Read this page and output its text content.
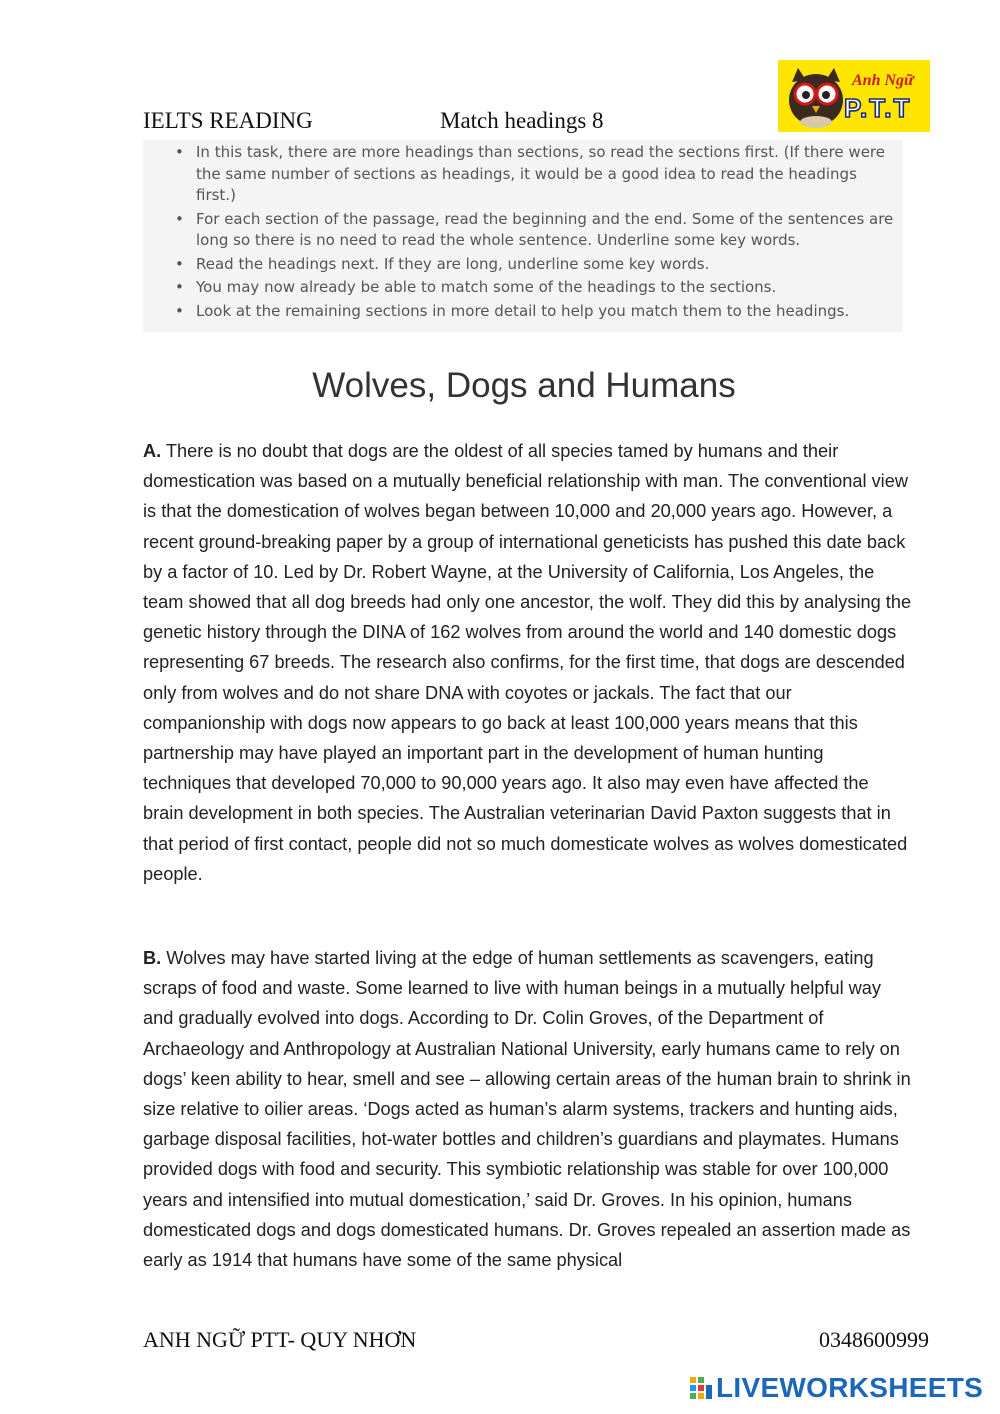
IELTS READING	Match headings 8
Anh Ngữ
P.T.T
• In this task, there are more headings than sections, so read the sections first. (If there were the same number of sections as headings, it would be a good idea to read the headings first.)
• For each section of the passage, read the beginning and the end. Some of the sentences are long so there is no need to read the whole sentence. Underline some key words.
• Read the headings next. If they are long, underline some key words.
• You may now already be able to match some of the headings to the sections.
• Look at the remaining sections in more detail to help you match them to the headings.
Wolves, Dogs and Humans

A. There is no doubt that dogs are the oldest of all species tamed by humans and their domestication was based on a mutually beneficial relationship with man. The conventional view is that the domestication of wolves began between 10,000 and 20,000 years ago. However, a recent ground-breaking paper by a group of international geneticists has pushed this date back by a factor of 10. Led by Dr. Robert Wayne, at the University of California, Los Angeles, the team showed that all dog breeds had only one ancestor, the wolf. They did this by analysing the genetic history through the DINA of 162 wolves from around the world and 140 domestic dogs representing 67 breeds. The research also confirms, for the first time, that dogs are descended only from wolves and do not share DNA with coyotes or jackals. The fact that our companionship with dogs now appears to go back at least 100,000 years means that this partnership may have played an important part in the development of human hunting techniques that developed 70,000 to 90,000 years ago. It also may even have affected the brain development in both species. The Australian veterinarian David Paxton suggests that in that period of first contact, people did not so much domesticate wolves as wolves domesticated people.

B. Wolves may have started living at the edge of human settlements as scavengers, eating scraps of food and waste. Some learned to live with human beings in a mutually helpful way and gradually evolved into dogs. According to Dr. Colin Groves, of the Department of Archaeology and Anthropology at Australian National University, early humans came to rely on dogs’ keen ability to hear, smell and see – allowing certain areas of the human brain to shrink in size relative to oilier areas. ‘Dogs acted as human’s alarm systems, trackers and hunting aids, garbage disposal facilities, hot-water bottles and children’s guardians and playmates. Humans provided dogs with food and security. This symbiotic relationship was stable for over 100,000 years and intensified into mutual domestication,’ said Dr. Groves. In his opinion, humans domesticated dogs and dogs domesticated humans. Dr. Groves repealed an assertion made as early as 1914 that humans have some of the same physical

ANH NGỮ PTT- QUY NHƠN	0348600999
LIVEWORKSHEETS
